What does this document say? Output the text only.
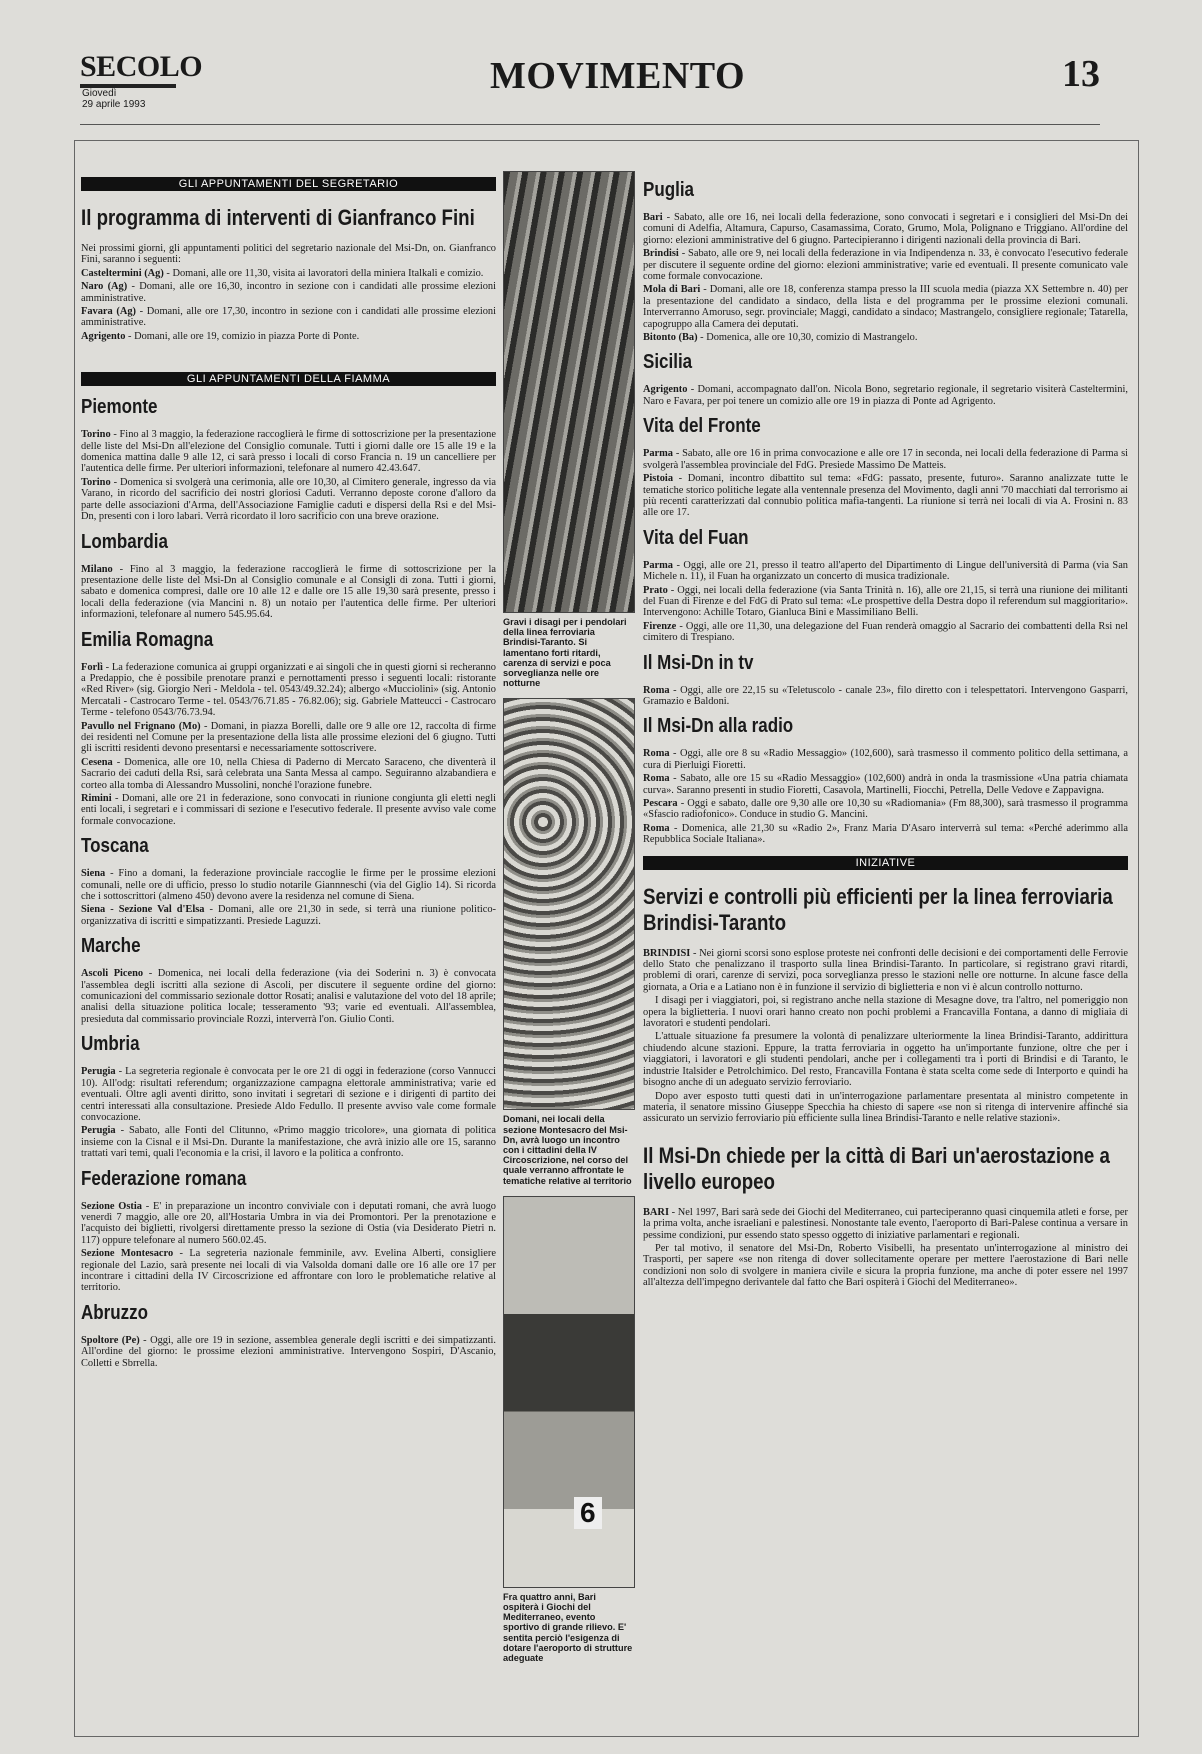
SECOLO
Giovedì
29 aprile 1993
MOVIMENTO	13
GLI APPUNTAMENTI DEL SEGRETARIO
Il programma di interventi di Gianfranco Fini

Nei prossimi giorni, gli appuntamenti politici del segretario nazionale del Msi-Dn, on. Gianfranco Fini, saranno i seguenti:

Casteltermini (Ag) - Domani, alle ore 11,30, visita ai lavoratori della miniera Italkali e comizio.

Naro (Ag) - Domani, alle ore 16,30, incontro in sezione con i candidati alle prossime elezioni amministrative.

Favara (Ag) - Domani, alle ore 17,30, incontro in sezione con i candidati alle prossime elezioni amministrative.

Agrigento - Domani, alle ore 19, comizio in piazza Porte di Ponte.

GLI APPUNTAMENTI DELLA FIAMMA
Piemonte

Torino - Fino al 3 maggio, la federazione raccoglierà le firme di sottoscrizione per la presentazione delle liste del Msi-Dn all'elezione del Consiglio comunale. Tutti i giorni dalle ore 15 alle 19 e la domenica mattina dalle 9 alle 12, ci sarà presso i locali di corso Francia n. 19 un cancelliere per l'autentica delle firme. Per ulteriori informazioni, telefonare al numero 42.43.647.

Torino - Domenica si svolgerà una cerimonia, alle ore 10,30, al Cimitero generale, ingresso da via Varano, in ricordo del sacrificio dei nostri gloriosi Caduti. Verranno deposte corone d'alloro da parte delle associazioni d'Arma, dell'Associazione Famiglie caduti e dispersi della Rsi e del Msi-Dn, presenti con i loro labari. Verrà ricordato il loro sacrificio con una breve orazione.

Lombardia

Milano - Fino al 3 maggio, la federazione raccoglierà le firme di sottoscrizione per la presentazione delle liste del Msi-Dn al Consiglio comunale e al Consigli di zona. Tutti i giorni, sabato e domenica compresi, dalle ore 10 alle 12 e dalle ore 15 alle 19,30 sarà presente, presso i locali della federazione (via Mancini n. 8) un notaio per l'autentica delle firme. Per ulteriori informazioni, telefonare al numero 545.95.64.

Emilia Romagna

Forlì - La federazione comunica ai gruppi organizzati e ai singoli che in questi giorni si recheranno a Predappio, che è possibile prenotare pranzi e pernottamenti presso i seguenti locali: ristorante «Red River» (sig. Giorgio Neri - Meldola - tel. 0543/49.32.24); albergo «Mucciolini» (sig. Antonio Mercatali - Castrocaro Terme - tel. 0543/76.71.85 - 76.82.06); sig. Gabriele Matteucci - Castrocaro Terme - telefono 0543/76.73.94.

Pavullo nel Frignano (Mo) - Domani, in piazza Borelli, dalle ore 9 alle ore 12, raccolta di firme dei residenti nel Comune per la presentazione della lista alle prossime elezioni del 6 giugno. Tutti gli iscritti residenti devono presentarsi e necessariamente sottoscrivere.

Cesena - Domenica, alle ore 10, nella Chiesa di Paderno di Mercato Saraceno, che diventerà il Sacrario dei caduti della Rsi, sarà celebrata una Santa Messa al campo. Seguiranno alzabandiera e corteo alla tomba di Alessandro Mussolini, nonché l'orazione funebre.

Rimini - Domani, alle ore 21 in federazione, sono convocati in riunione congiunta gli eletti negli enti locali, i segretari e i commissari di sezione e l'esecutivo federale. Il presente avviso vale come formale convocazione.

Toscana

Siena - Fino a domani, la federazione provinciale raccoglie le firme per le prossime elezioni comunali, nelle ore di ufficio, presso lo studio notarile Giannneschi (via del Giglio 14). Si ricorda che i sottoscrittori (almeno 450) devono avere la residenza nel comune di Siena.

Siena - Sezione Val d'Elsa - Domani, alle ore 21,30 in sede, si terrà una riunione politico-organizzativa di iscritti e simpatizzanti. Presiede Laguzzi.

Marche

Ascoli Piceno - Domenica, nei locali della federazione (via dei Soderini n. 3) è convocata l'assemblea degli iscritti alla sezione di Ascoli, per discutere il seguente ordine del giorno: comunicazioni del commissario sezionale dottor Rosati; analisi e valutazione del voto del 18 aprile; analisi della situazione politica locale; tesseramento '93; varie ed eventuali. All'assemblea, presieduta dal commissario provinciale Rozzi, interverrà l'on. Giulio Conti.

Umbria

Perugia - La segreteria regionale è convocata per le ore 21 di oggi in federazione (corso Vannucci 10). All'odg: risultati referendum; organizzazione campagna elettorale amministrativa; varie ed eventuali. Oltre agli aventi diritto, sono invitati i segretari di sezione e i dirigenti di partito dei centri interessati alla consultazione. Presiede Aldo Fedullo. Il presente avviso vale come formale convocazione.

Perugia - Sabato, alle Fonti del Clitunno, «Primo maggio tricolore», una giornata di politica insieme con la Cisnal e il Msi-Dn. Durante la manifestazione, che avrà inizio alle ore 15, saranno trattati vari temi, quali l'economia e la crisi, il lavoro e la politica a confronto.

Federazione romana

Sezione Ostia - E' in preparazione un incontro conviviale con i deputati romani, che avrà luogo venerdì 7 maggio, alle ore 20, all'Hostaria Umbra in via dei Promontori. Per la prenotazione e l'acquisto dei biglietti, rivolgersi direttamente presso la sezione di Ostia (via Desiderato Pietri n. 117) oppure telefonare al numero 560.02.45.

Sezione Montesacro - La segreteria nazionale femminile, avv. Evelina Alberti, consigliere regionale del Lazio, sarà presente nei locali di via Valsolda domani dalle ore 16 alle ore 17 per incontrare i cittadini della IV Circoscrizione ed affrontare con loro le problematiche relative al territorio.

Abruzzo

Spoltore (Pe) - Oggi, alle ore 19 in sezione, assemblea generale degli iscritti e dei simpatizzanti. All'ordine del giorno: le prossime elezioni amministrative. Intervengono Sospiri, D'Ascanio, Colletti e Sbrrella.

Gravi i disagi per i pendolari della linea ferroviaria Brindisi-Taranto. Si lamentano forti ritardi, carenza di servizi e poca sorveglianza nelle ore notturne
Domani, nei locali della sezione Montesacro del Msi-Dn, avrà luogo un incontro con i cittadini della IV Circoscrizione, nel corso del quale verranno affrontate le tematiche relative al territorio
6
Fra quattro anni, Bari ospiterà i Giochi del Mediterraneo, evento sportivo di grande rilievo. E' sentita perciò l'esigenza di dotare l'aeroporto di strutture adeguate
Puglia

Bari - Sabato, alle ore 16, nei locali della federazione, sono convocati i segretari e i consiglieri del Msi-Dn dei comuni di Adelfia, Altamura, Capurso, Casamassima, Corato, Grumo, Mola, Polignano e Triggiano. All'ordine del giorno: elezioni amministrative del 6 giugno. Partecipieranno i dirigenti nazionali della provincia di Bari.

Brindisi - Sabato, alle ore 9, nei locali della federazione in via Indipendenza n. 33, è convocato l'esecutivo federale per discutere il seguente ordine del giorno: elezioni amministrative; varie ed eventuali. Il presente comunicato vale come formale convocazione.

Mola di Bari - Domani, alle ore 18, conferenza stampa presso la III scuola media (piazza XX Settembre n. 40) per la presentazione del candidato a sindaco, della lista e del programma per le prossime elezioni comunali. Interverranno Amoruso, segr. provinciale; Maggi, candidato a sindaco; Mastrangelo, consigliere regionale; Tatarella, capogruppo alla Camera dei deputati.

Bitonto (Ba) - Domenica, alle ore 10,30, comizio di Mastrangelo.

Sicilia

Agrigento - Domani, accompagnato dall'on. Nicola Bono, segretario regionale, il segretario visiterà Casteltermini, Naro e Favara, per poi tenere un comizio alle ore 19 in piazza di Ponte ad Agrigento.

Vita del Fronte

Parma - Sabato, alle ore 16 in prima convocazione e alle ore 17 in seconda, nei locali della federazione di Parma si svolgerà l'assemblea provinciale del FdG. Presiede Massimo De Matteis.

Pistoia - Domani, incontro dibattito sul tema: «FdG: passato, presente, futuro». Saranno analizzate tutte le tematiche storico politiche legate alla ventennale presenza del Movimento, dagli anni '70 macchiati dal terrorismo ai più recenti caratterizzati dal connubio politica mafia-tangenti. La riunione si terrà nei locali di via A. Frosini n. 83 alle ore 17.

Vita del Fuan

Parma - Oggi, alle ore 21, presso il teatro all'aperto del Dipartimento di Lingue dell'università di Parma (via San Michele n. 11), il Fuan ha organizzato un concerto di musica tradizionale.

Prato - Oggi, nei locali della federazione (via Santa Trinità n. 16), alle ore 21,15, si terrà una riunione dei militanti del Fuan di Firenze e del FdG di Prato sul tema: «Le prospettive della Destra dopo il referendum sul maggioritario». Intervengono: Achille Totaro, Gianluca Bini e Massimiliano Belli.

Firenze - Oggi, alle ore 11,30, una delegazione del Fuan renderà omaggio al Sacrario dei combattenti della Rsi nel cimitero di Trespiano.

Il Msi-Dn in tv

Roma - Oggi, alle ore 22,15 su «Teletuscolo - canale 23», filo diretto con i telespettatori. Intervengono Gasparri, Gramazio e Baldoni.

Il Msi-Dn alla radio

Roma - Oggi, alle ore 8 su «Radio Messaggio» (102,600), sarà trasmesso il commento politico della settimana, a cura di Pierluigi Fioretti.

Roma - Sabato, alle ore 15 su «Radio Messaggio» (102,600) andrà in onda la trasmissione «Una patria chiamata curva». Saranno presenti in studio Fioretti, Casavola, Martinelli, Fiocchi, Petrella, Delle Vedove e Zappavigna.

Pescara - Oggi e sabato, dalle ore 9,30 alle ore 10,30 su «Radiomania» (Fm 88,300), sarà trasmesso il programma «Sfascio radiofonico». Conduce in studio G. Mancini.

Roma - Domenica, alle 21,30 su «Radio 2», Franz Maria D'Asaro interverrà sul tema: «Perché aderimmo alla Repubblica Sociale Italiana».

INIZIATIVE
Servizi e controlli più efficienti per la linea ferroviaria Brindisi-Taranto

BRINDISI - Nei giorni scorsi sono esplose proteste nei confronti delle decisioni e dei comportamenti delle Ferrovie dello Stato che penalizzano il trasporto sulla linea Brindisi-Taranto. In particolare, si registrano gravi ritardi, problemi di orari, carenze di servizi, poca sorveglianza presso le stazioni nelle ore notturne. In alcune fasce della giornata, a Oria e a Latiano non è in funzione il servizio di biglietteria e non vi è alcun controllo notturno.

I disagi per i viaggiatori, poi, si registrano anche nella stazione di Mesagne dove, tra l'altro, nel pomeriggio non opera la biglietteria. I nuovi orari hanno creato non pochi problemi a Francavilla Fontana, a danno di migliaia di lavoratori e studenti pendolari.

L'attuale situazione fa presumere la volontà di penalizzare ulteriormente la linea Brindisi-Taranto, addirittura chiudendo alcune stazioni. Eppure, la tratta ferroviaria in oggetto ha un'importante funzione, oltre che per i viaggiatori, i lavoratori e gli studenti pendolari, anche per i collegamenti tra i porti di Brindisi e di Taranto, le industrie Italsider e Petrolchimico. Del resto, Francavilla Fontana è stata scelta come sede di Interporto e quindi ha bisogno anche di un adeguato servizio ferroviario.

Dopo aver esposto tutti questi dati in un'interrogazione parlamentare presentata al ministro competente in materia, il senatore missino Giuseppe Specchia ha chiesto di sapere «se non si ritenga di intervenire affinché sia assicurato un servizio ferroviario più efficiente sulla linea Brindisi-Taranto e nelle relative stazioni».

Il Msi-Dn chiede per la città di Bari un'aerostazione a livello europeo

BARI - Nel 1997, Bari sarà sede dei Giochi del Mediterraneo, cui parteciperanno quasi cinquemila atleti e forse, per la prima volta, anche israeliani e palestinesi. Nonostante tale evento, l'aeroporto di Bari-Palese continua a versare in pessime condizioni, pur essendo stato spesso oggetto di iniziative parlamentari e regionali.

Per tal motivo, il senatore del Msi-Dn, Roberto Visibelli, ha presentato un'interrogazione al ministro dei Trasporti, per sapere «se non ritenga di dover sollecitamente operare per mettere l'aerostazione di Bari nelle condizioni non solo di svolgere in maniera civile e sicura la propria funzione, ma anche di poter essere nel 1997 all'altezza dell'impegno derivantele dal fatto che Bari ospiterà i Giochi del Mediterraneo».
